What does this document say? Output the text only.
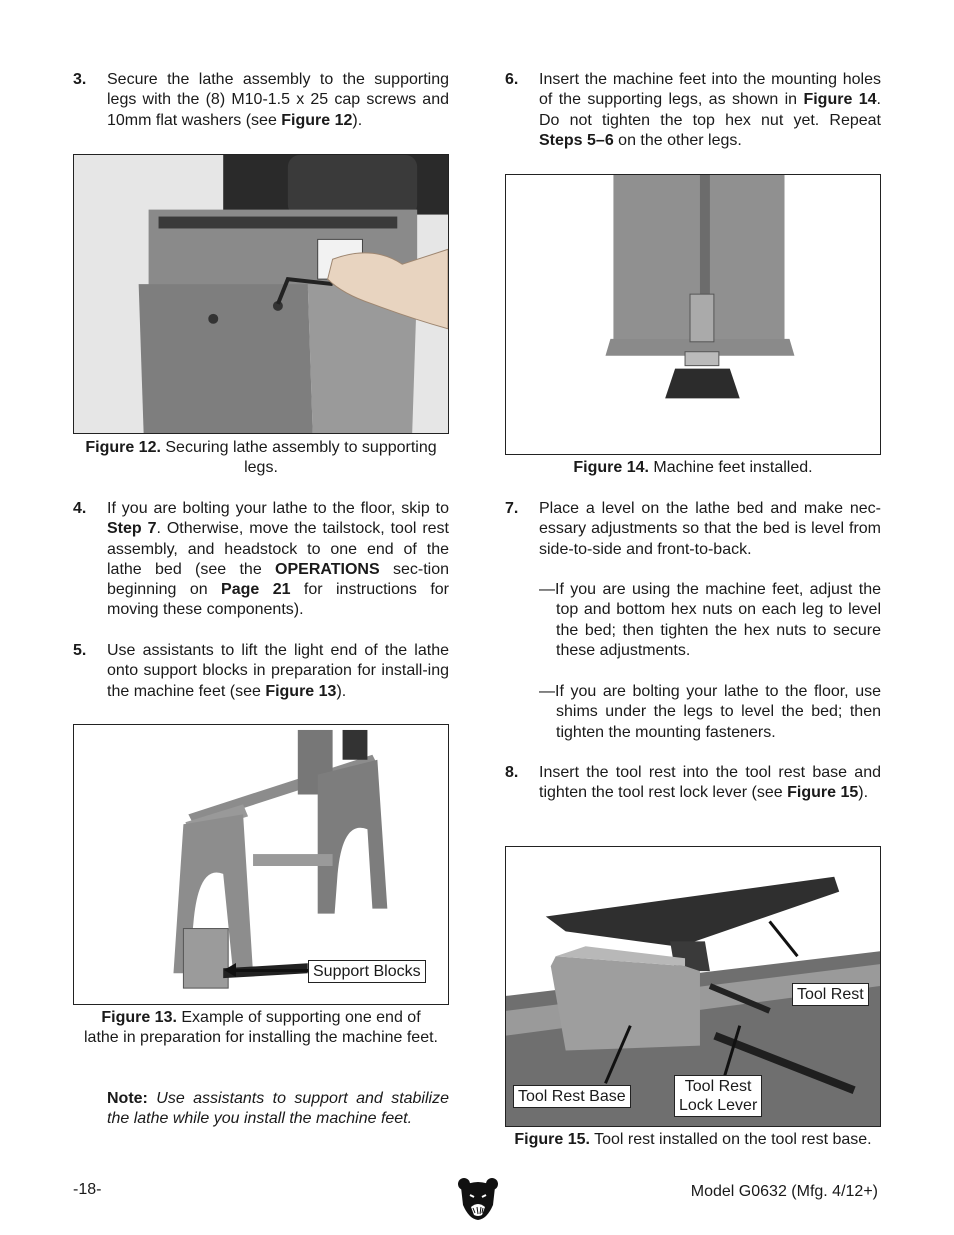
3.	Secure the lathe assembly to the supporting legs with the (8) M10-1.5 x 25 cap screws and 10mm flat washers (see Figure 12).
Figure 12. Securing lathe assembly to supporting legs.
4.	If you are bolting your lathe to the floor, skip to Step 7. Otherwise, move the tailstock, tool rest assembly, and headstock to one end of the lathe bed (see the OPERATIONS sec-tion beginning on Page 21 for instructions for moving these components).
5.	Use assistants to lift the light end of the lathe onto support blocks in preparation for install-ing the machine feet (see Figure 13).
Support Blocks
Figure 13. Example of supporting one end of lathe in preparation for installing the machine feet.
Note: Use assistants to support and stabilize the lathe while you install the machine feet.
6.	Insert the machine feet into the mounting holes of the supporting legs, as shown in Figure 14. Do not tighten the top hex nut yet. Repeat Steps 5–6 on the other legs.
Figure 14. Machine feet installed.
7.	Place a level on the lathe bed and make nec-essary adjustments so that the bed is level from side-to-side and front-to-back.
—If you are using the machine feet, adjust the top and bottom hex nuts on each leg to level the bed; then tighten the hex nuts to secure these adjustments.
—If you are bolting your lathe to the floor, use shims under the legs to level the bed; then tighten the mounting fasteners.
8.	Insert the tool rest into the tool rest base and tighten the tool rest lock lever (see Figure 15).
Tool Rest
Tool Rest Base
Tool Rest
Lock Lever
Figure 15. Tool rest installed on the tool rest base.
-18-	Model G0632 (Mfg. 4/12+)
